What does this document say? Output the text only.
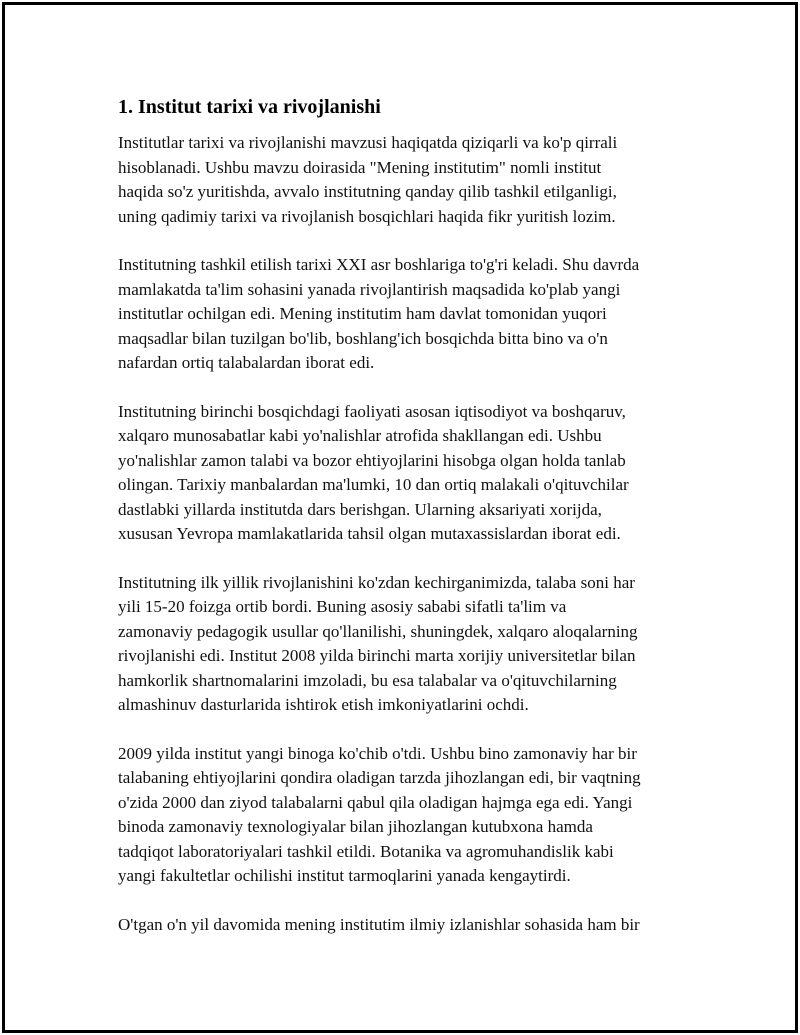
1. Institut tarixi va rivojlanishi

Institutlar tarixi va rivojlanishi mavzusi haqiqatda qiziqarli va ko'p qirrali
hisoblanadi. Ushbu mavzu doirasida "Mening institutim" nomli institut
haqida so'z yuritishda, avvalo institutning qanday qilib tashkil etilganligi,
uning qadimiy tarixi va rivojlanish bosqichlari haqida fikr yuritish lozim.

Institutning tashkil etilish tarixi XXI asr boshlariga to'g'ri keladi. Shu davrda
mamlakatda ta'lim sohasini yanada rivojlantirish maqsadida ko'plab yangi
institutlar ochilgan edi. Mening institutim ham davlat tomonidan yuqori
maqsadlar bilan tuzilgan bo'lib, boshlang'ich bosqichda bitta bino va o'n
nafardan ortiq talabalardan iborat edi.

Institutning birinchi bosqichdagi faoliyati asosan iqtisodiyot va boshqaruv,
xalqaro munosabatlar kabi yo'nalishlar atrofida shakllangan edi. Ushbu
yo'nalishlar zamon talabi va bozor ehtiyojlarini hisobga olgan holda tanlab
olingan. Tarixiy manbalardan ma'lumki, 10 dan ortiq malakali o'qituvchilar
dastlabki yillarda institutda dars berishgan. Ularning aksariyati xorijda,
xususan Yevropa mamlakatlarida tahsil olgan mutaxassislardan iborat edi.

Institutning ilk yillik rivojlanishini ko'zdan kechirganimizda, talaba soni har
yili 15-20 foizga ortib bordi. Buning asosiy sababi sifatli ta'lim va
zamonaviy pedagogik usullar qo'llanilishi, shuningdek, xalqaro aloqalarning
rivojlanishi edi. Institut 2008 yilda birinchi marta xorijiy universitetlar bilan
hamkorlik shartnomalarini imzoladi, bu esa talabalar va o'qituvchilarning
almashinuv dasturlarida ishtirok etish imkoniyatlarini ochdi.

2009 yilda institut yangi binoga ko'chib o'tdi. Ushbu bino zamonaviy har bir
talabaning ehtiyojlarini qondira oladigan tarzda jihozlangan edi, bir vaqtning
o'zida 2000 dan ziyod talabalarni qabul qila oladigan hajmga ega edi. Yangi
binoda zamonaviy texnologiyalar bilan jihozlangan kutubxona hamda
tadqiqot laboratoriyalari tashkil etildi. Botanika va agromuhandislik kabi
yangi fakultetlar ochilishi institut tarmoqlarini yanada kengaytirdi.

O'tgan o'n yil davomida mening institutim ilmiy izlanishlar sohasida ham bir
